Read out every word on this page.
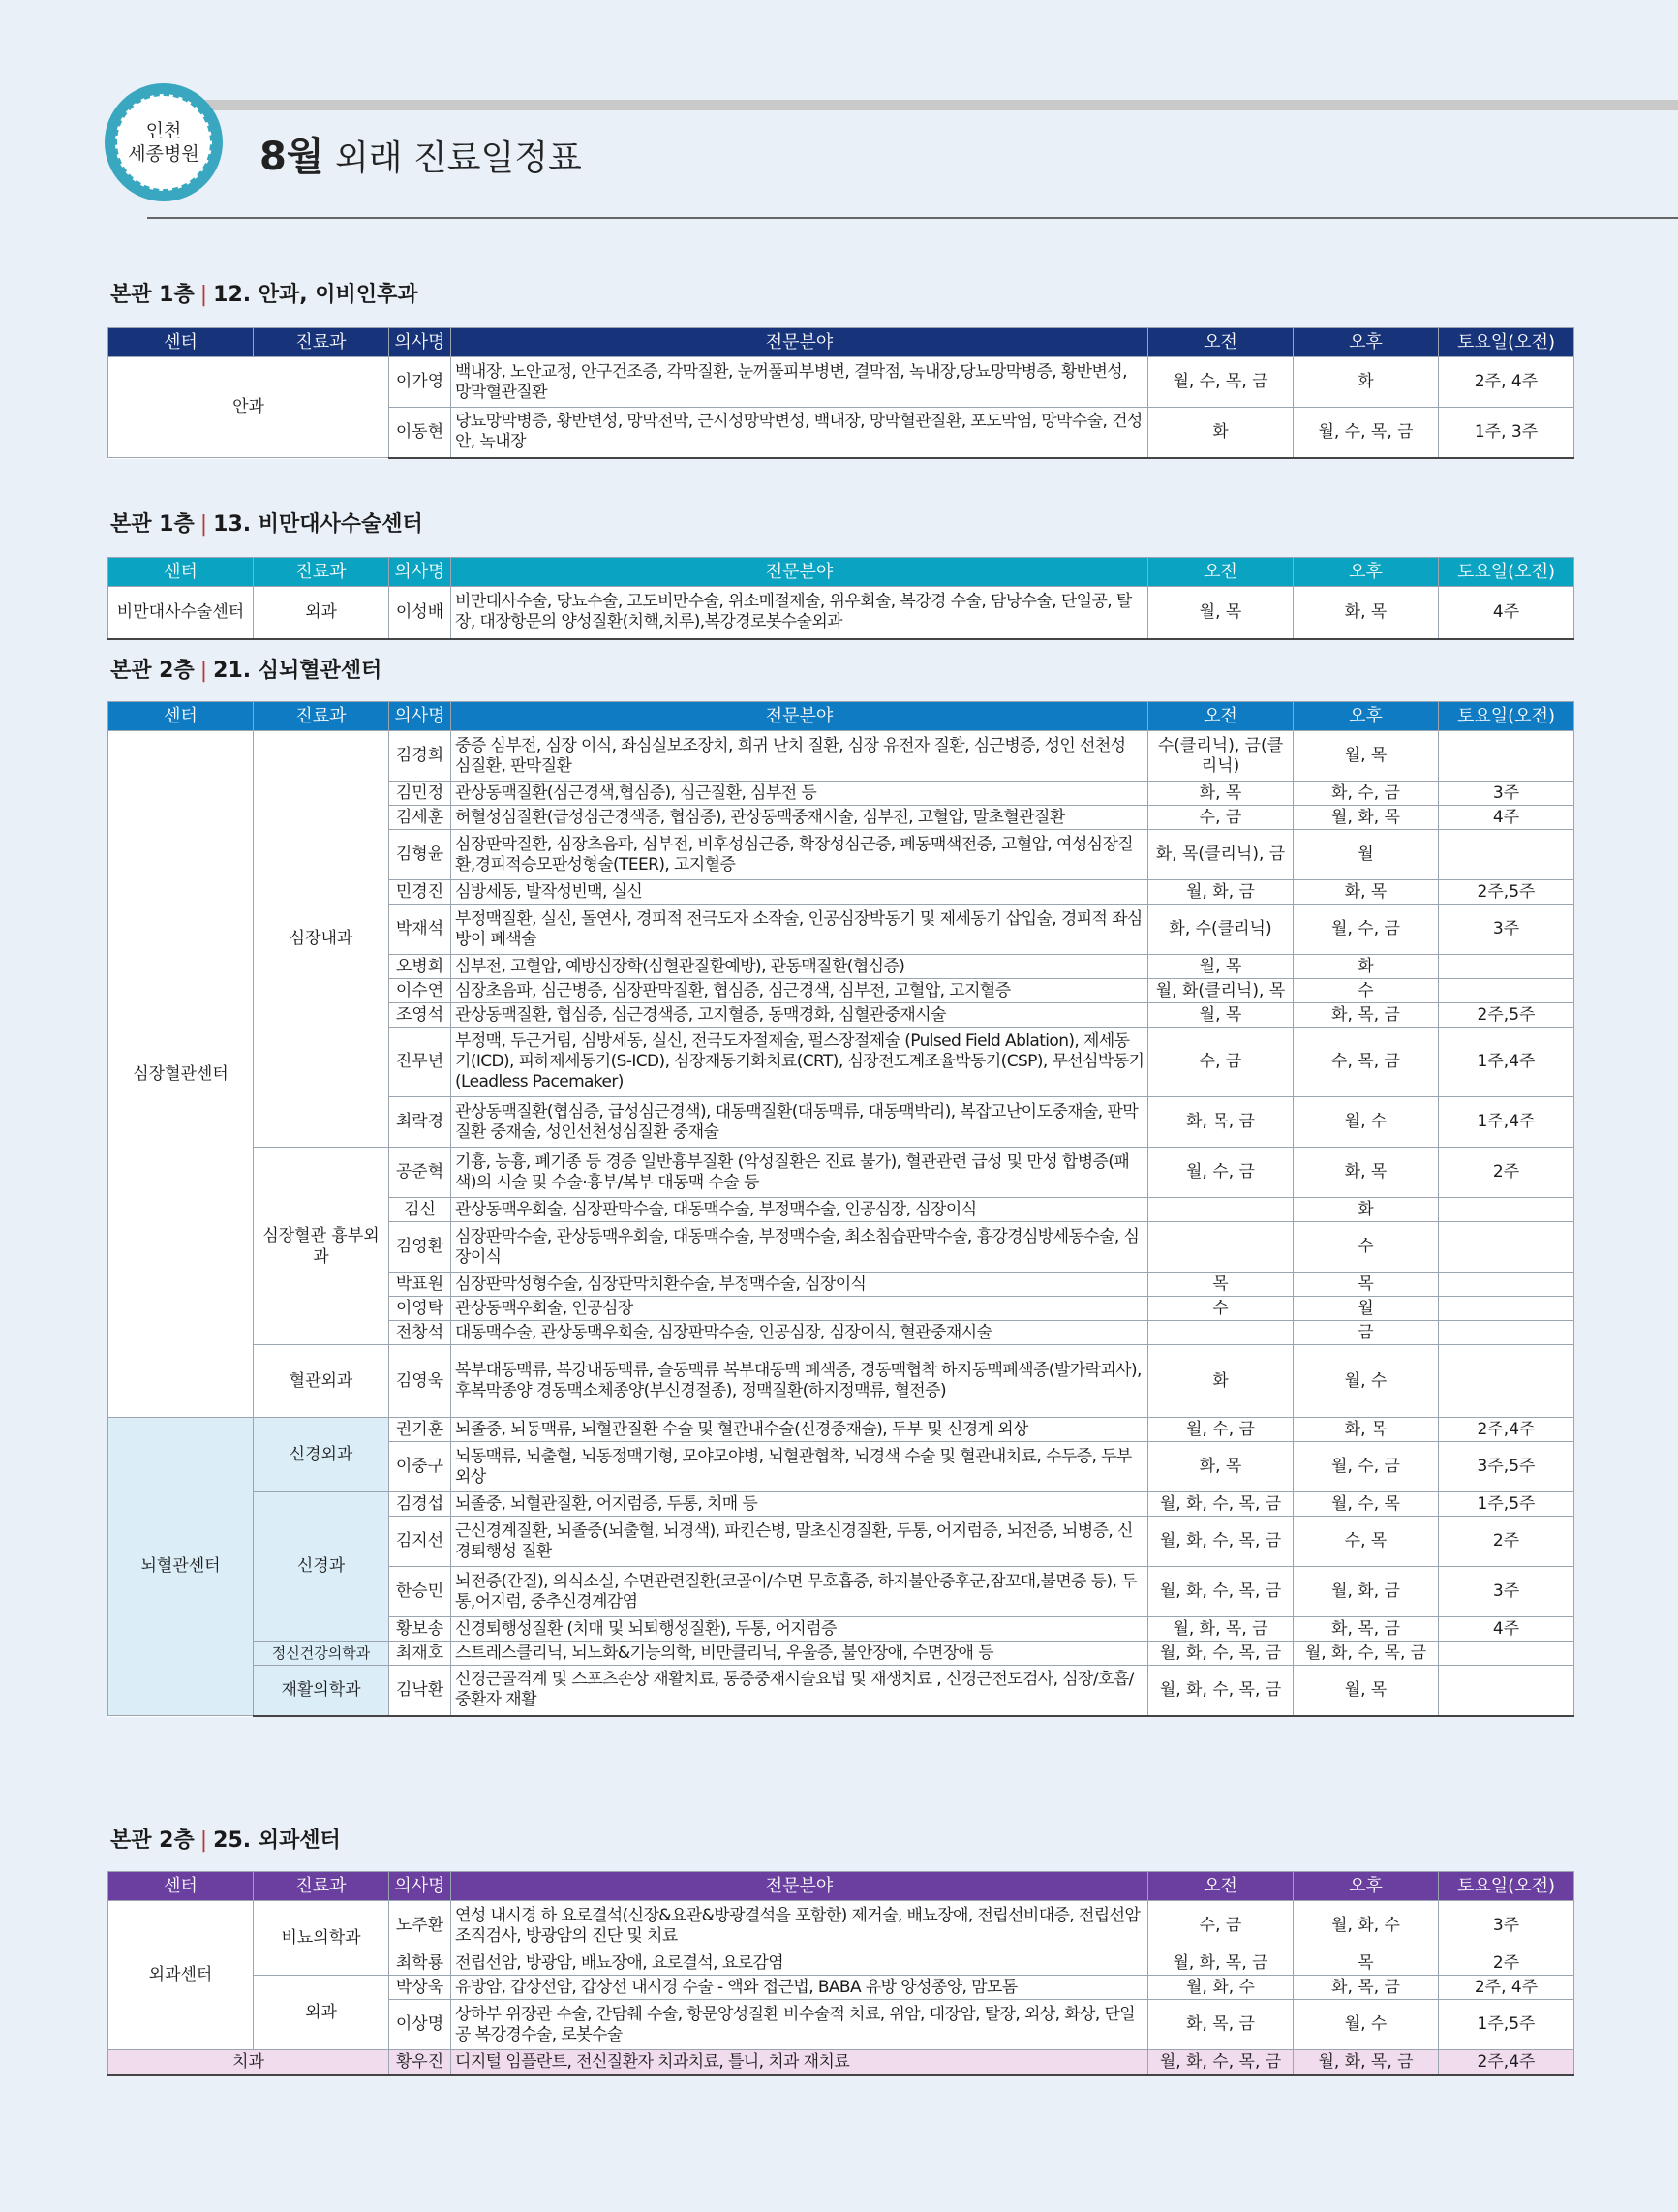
인천
세종병원 8월 외래 진료일정표
본관 1층 | 12. 안과, 이비인후과
센터	진료과	의사명	전문분야	오전	오후	토요일(오전)
안과		이가영	백내장, 노안교정, 안구건조증, 각막질환, 눈꺼풀피부병변, 결막점, 녹내장,당뇨망막병증, 황반변성, 망막혈관질환	월, 수, 목, 금	화	2주, 4주
		이동현	당뇨망막병증, 황반변성, 망막전막, 근시성망막변성, 백내장, 망막혈관질환, 포도막염, 망막수술, 건성안, 녹내장	화	월, 수, 목, 금	1주, 3주
본관 1층 | 13. 비만대사수술센터
센터	진료과	의사명	전문분야	오전	오후	토요일(오전)
비만대사수술센터	외과	이성배	비만대사수술, 당뇨수술, 고도비만수술, 위소매절제술, 위우회술, 복강경 수술, 담낭수술, 단일공, 탈장, 대장항문의 양성질환(치핵,치루),복강경로봇수술외과	월, 목	화, 목	4주
본관 2층 | 21. 심뇌혈관센터
센터	진료과	의사명	전문분야	오전	오후	토요일(오전)
심장혈관센터	심장내과	김경희	중증 심부전, 심장 이식, 좌심실보조장치, 희귀 난치 질환, 심장 유전자 질환, 심근병증, 성인 선천성 심질환, 판막질환	수(클리닉), 금(클리닉)	월, 목	
		김민정	관상동맥질환(심근경색,협심증), 심근질환, 심부전 등	화, 목	화, 수, 금	3주
		김세훈	허혈성심질환(급성심근경색증, 협심증), 관상동맥중재시술, 심부전, 고혈압, 말초혈관질환	수, 금	월, 화, 목	4주
		김형윤	심장판막질환, 심장초음파, 심부전, 비후성심근증, 확장성심근증, 폐동맥색전증, 고혈압, 여성심장질환,경피적승모판성형술(TEER), 고지혈증	화, 목(클리닉), 금	월	
		민경진	심방세동, 발작성빈맥, 실신	월, 화, 금	화, 목	2주,5주
		박재석	부정맥질환, 실신, 돌연사, 경피적 전극도자 소작술, 인공심장박동기 및 제세동기 삽입술, 경피적 좌심방이 폐색술	화, 수(클리닉)	월, 수, 금	3주
		오병희	심부전, 고혈압, 예방심장학(심혈관질환예방), 관동맥질환(협심증)	월, 목	화	
		이수연	심장초음파, 심근병증, 심장판막질환, 협심증, 심근경색, 심부전, 고혈압, 고지혈증	월, 화(클리닉), 목	수	
		조영석	관상동맥질환, 협심증, 심근경색증, 고지혈증, 동맥경화, 심혈관중재시술	월, 목	화, 목, 금	2주,5주
		진무년	부정맥, 두근거림, 심방세동, 실신, 전극도자절제술, 펄스장절제술 (Pulsed Field Ablation), 제세동기(ICD), 피하제세동기(S-ICD), 심장재동기화치료(CRT), 심장전도계조율박동기(CSP), 무선심박동기(Leadless Pacemaker)	수, 금	수, 목, 금	1주,4주
		최락경	관상동맥질환(협심증, 급성심근경색), 대동맥질환(대동맥류, 대동맥박리), 복잡고난이도중재술, 판막질환 중재술, 성인선천성심질환 중재술	화, 목, 금	월, 수	1주,4주
	심장혈관 흉부외과	공준혁	기흉, 농흉, 폐기종 등 경증 일반흉부질환 (악성질환은 진료 불가), 혈관관련 급성 및 만성 합병증(패색)의 시술 및 수술·흉부/복부 대동맥 수술 등	월, 수, 금	화, 목	2주
		김신	관상동맥우회술, 심장판막수술, 대동맥수술, 부정맥수술, 인공심장, 심장이식		화	
		김영환	심장판막수술, 관상동맥우회술, 대동맥수술, 부정맥수술, 최소침습판막수술, 흉강경심방세동수술, 심장이식		수	
		박표원	심장판막성형수술, 심장판막치환수술, 부정맥수술, 심장이식	목	목	
		이영탁	관상동맥우회술, 인공심장	수	월	
		전창석	대동맥수술, 관상동맥우회술, 심장판막수술, 인공심장, 심장이식, 혈관중재시술		금	
	혈관외과	김영욱	복부대동맥류, 복강내동맥류, 슬동맥류 복부대동맥 폐색증, 경동맥협착 하지동맥폐색증(발가락괴사), 후복막종양 경동맥소체종양(부신경절종), 정맥질환(하지정맥류, 혈전증)	화	월, 수	
뇌혈관센터	신경외과	권기훈	뇌졸중, 뇌동맥류, 뇌혈관질환 수술 및 혈관내수술(신경중재술), 두부 및 신경계 외상	월, 수, 금	화, 목	2주,4주
		이중구	뇌동맥류, 뇌출혈, 뇌동정맥기형, 모야모야병, 뇌혈관협착, 뇌경색 수술 및 혈관내치료, 수두증, 두부외상	화, 목	월, 수, 금	3주,5주
	신경과	김경섭	뇌졸중, 뇌혈관질환, 어지럼증, 두통, 치매 등	월, 화, 수, 목, 금	월, 수, 목	1주,5주
		김지선	근신경계질환, 뇌졸중(뇌출혈, 뇌경색), 파킨슨병, 말초신경질환, 두통, 어지럼증, 뇌전증, 뇌병증, 신경퇴행성 질환	월, 화, 수, 목, 금	수, 목	2주
		한승민	뇌전증(간질), 의식소실, 수면관련질환(코골이/수면 무호흡증, 하지불안증후군,잠꼬대,불면증 등), 두통,어지럼, 중추신경계감염	월, 화, 수, 목, 금	월, 화, 금	3주
		황보송	신경퇴행성질환 (치매 및 뇌퇴행성질환), 두통, 어지럼증	월, 화, 목, 금	화, 목, 금	4주
	정신건강의학과	최재호	스트레스클리닉, 뇌노화&기능의학, 비만클리닉, 우울증, 불안장애, 수면장애 등	월, 화, 수, 목, 금	월, 화, 수, 목, 금	
	재활의학과	김낙환	신경근골격계 및 스포츠손상 재활치료, 통증중재시술요법 및 재생치료 , 신경근전도검사, 심장/호흡/중환자 재활	월, 화, 수, 목, 금	월, 목	
본관 2층 | 25. 외과센터
센터	진료과	의사명	전문분야	오전	오후	토요일(오전)
외과센터	비뇨의학과	노주환	연성 내시경 하 요로결석(신장&요관&방광결석을 포함한) 제거술, 배뇨장애, 전립선비대증, 전립선암조직검사, 방광암의 진단 및 치료	수, 금	월, 화, 수	3주
		최학룡	전립선암, 방광암, 배뇨장애, 요로결석, 요로감염	월, 화, 목, 금	목	2주
	외과	박상욱	유방암, 갑상선암, 갑상선 내시경 수술 - 액와 접근법, BABA 유방 양성종양, 맘모톰	월, 화, 수	화, 목, 금	2주, 4주
		이상명	상하부 위장관 수술, 간담췌 수술, 항문양성질환 비수술적 치료, 위암, 대장암, 탈장, 외상, 화상, 단일공 복강경수술, 로봇수술	화, 목, 금	월, 수	1주,5주
치과		황우진	디지털 임플란트, 전신질환자 치과치료, 틀니, 치과 재치료	월, 화, 수, 목, 금	월, 화, 목, 금	2주,4주
